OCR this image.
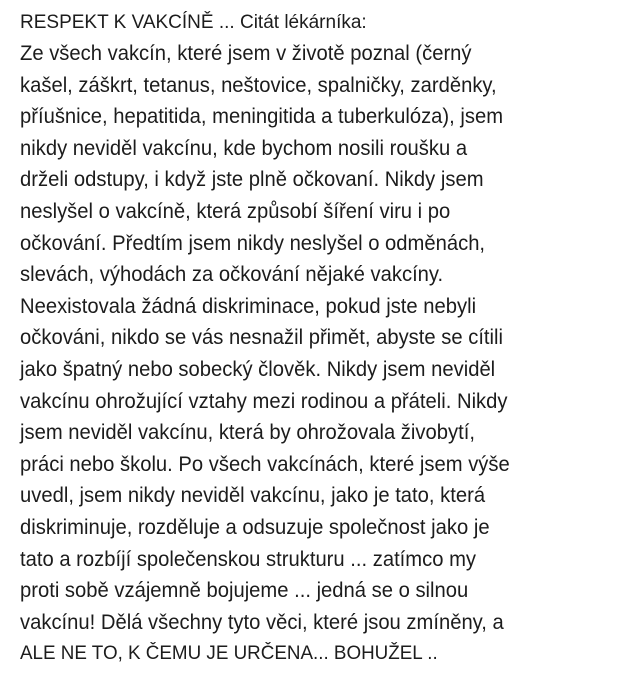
RESPEKT K VAKCÍNĚ ... Citát lékárníka:
Ze všech vakcín, které jsem v životě poznal (černý
kašel, záškrt, tetanus, neštovice, spalničky, zarděnky,
příušnice, hepatitida, meningitida a tuberkulóza), jsem
nikdy neviděl vakcínu, kde bychom nosili roušku a
drželi odstupy, i když jste plně očkovaní. Nikdy jsem
neslyšel o vakcíně, která způsobí šíření viru i po
očkování. Předtím jsem nikdy neslyšel o odměnách,
slevách, výhodách za očkování nějaké vakcíny.
Neexistovala žádná diskriminace, pokud jste nebyli
očkováni, nikdo se vás nesnažil přimět, abyste se cítili
jako špatný nebo sobecký člověk. Nikdy jsem neviděl
vakcínu ohrožující vztahy mezi rodinou a přáteli. Nikdy
jsem neviděl vakcínu, která by ohrožovala živobytí,
práci nebo školu. Po všech vakcínách, které jsem výše
uvedl, jsem nikdy neviděl vakcínu, jako je tato, která
diskriminuje, rozděluje a odsuzuje společnost jako je
tato a rozbíjí společenskou strukturu ... zatímco my
proti sobě vzájemně bojujeme ... jedná se o silnou
vakcínu! Dělá všechny tyto věci, které jsou zmíněny, a
ALE NE TO, K ČEMU JE URČENA... BOHUŽEL ..
